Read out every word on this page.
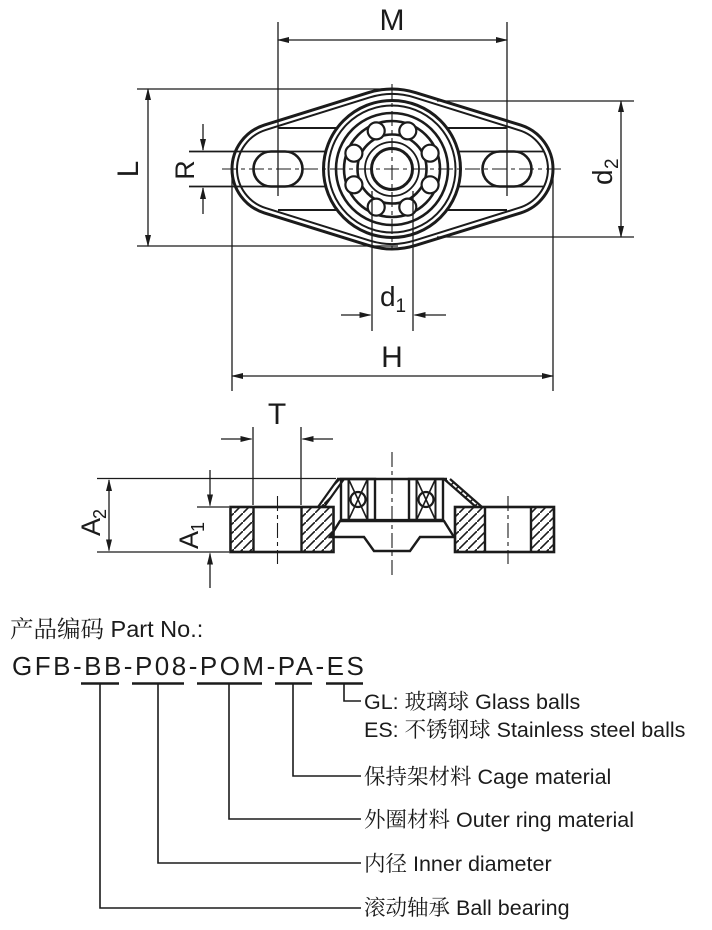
M
L R	d
2
d 1
H
T
A
2
A
1
产品编码 Part No.:
GFB-BB-P08-POM-PA-ES
GL: 玻璃球 Glass balls
ES: 不锈钢球 Stainless steel balls
保持架材料 Cage material
外圈材料 Outer ring material
内径 Inner diameter
滚动轴承 Ball bearing
